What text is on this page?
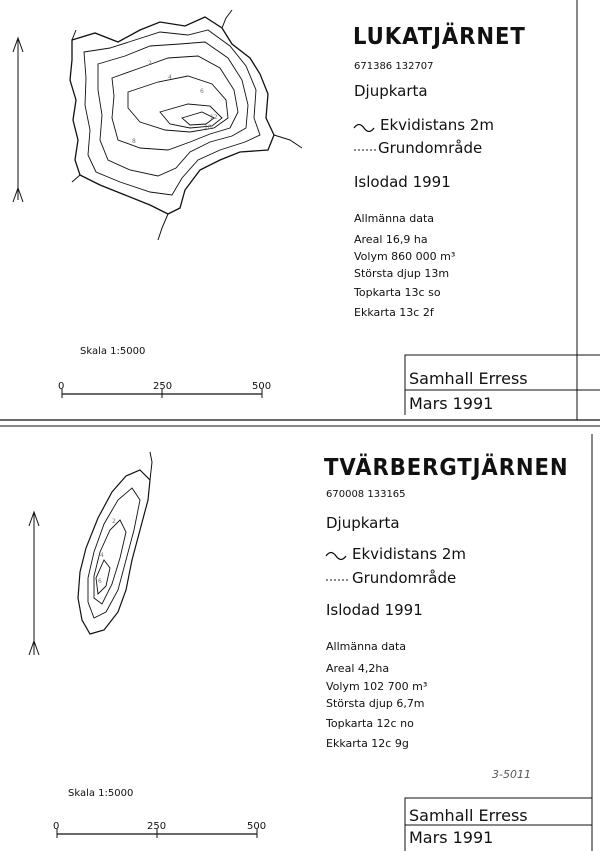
2
4
6
8
10
12
2
4
6
LUKATJÄRNET
671386 132707
Djupkarta
Ekvidistans 2m
Grundområde
Islodad 1991
Allmänna data
Areal 16,9 ha
Volym 860 000 m³
Största djup 13m
Topkarta 13c so
Ekkarta 13c 2f
Skala 1:5000
0	250	500	Samhall Erress
Mars 1991
TVÄRBERGTJÄRNEN
670008 133165
Djupkarta
Ekvidistans 2m
Grundområde
Islodad 1991
Allmänna data
Areal 4,2ha
Volym 102 700 m³
Största djup 6,7m
Topkarta 12c no
Ekkarta 12c 9g
3-5011
Skala 1:5000
0	250	500
Samhall Erress
Mars 1991
